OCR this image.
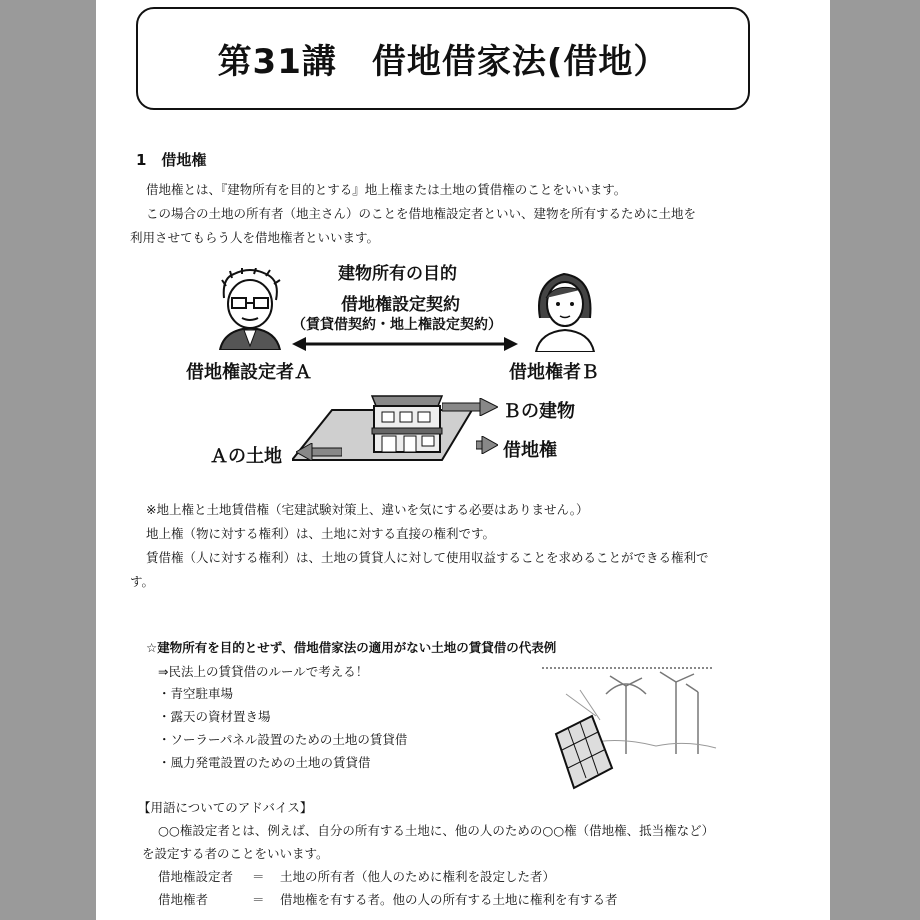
第31講　借地借家法(借地）
1　借地権
借地権とは、『建物所有を目的とする』地上権または土地の賃借権のことをいいます。
この場合の土地の所有者（地主さん）のことを借地権設定者といい、建物を所有するために土地を
利用させてもらう人を借地権者といいます。
建物所有の目的
借地権設定契約
（賃貸借契約・地上権設定契約）
借地権設定者Ａ	借地権者Ｂ
Ｂの建物
借地権
Ａの土地
※地上権と土地賃借権（宅建試験対策上、違いを気にする必要はありません。）
地上権（物に対する権利）は、土地に対する直接の権利です。
賃借権（人に対する権利）は、土地の賃貸人に対して使用収益することを求めることができる権利で
す。
☆建物所有を目的とせず、借地借家法の適用がない土地の賃貸借の代表例
⇒民法上の賃貸借のルールで考える！
・青空駐車場
・露天の資材置き場
・ソーラーパネル設置のための土地の賃貸借
・風力発電設置のための土地の賃貸借
【用語についてのアドバイス】
○○権設定者とは、例えば、自分の所有する土地に、他の人のための○○権（借地権、抵当権など）
を設定する者のことをいいます。
借地権設定者 ＝ 土地の所有者（他人のために権利を設定した者）
借地権者	＝ 借地権を有する者。他の人の所有する土地に権利を有する者
